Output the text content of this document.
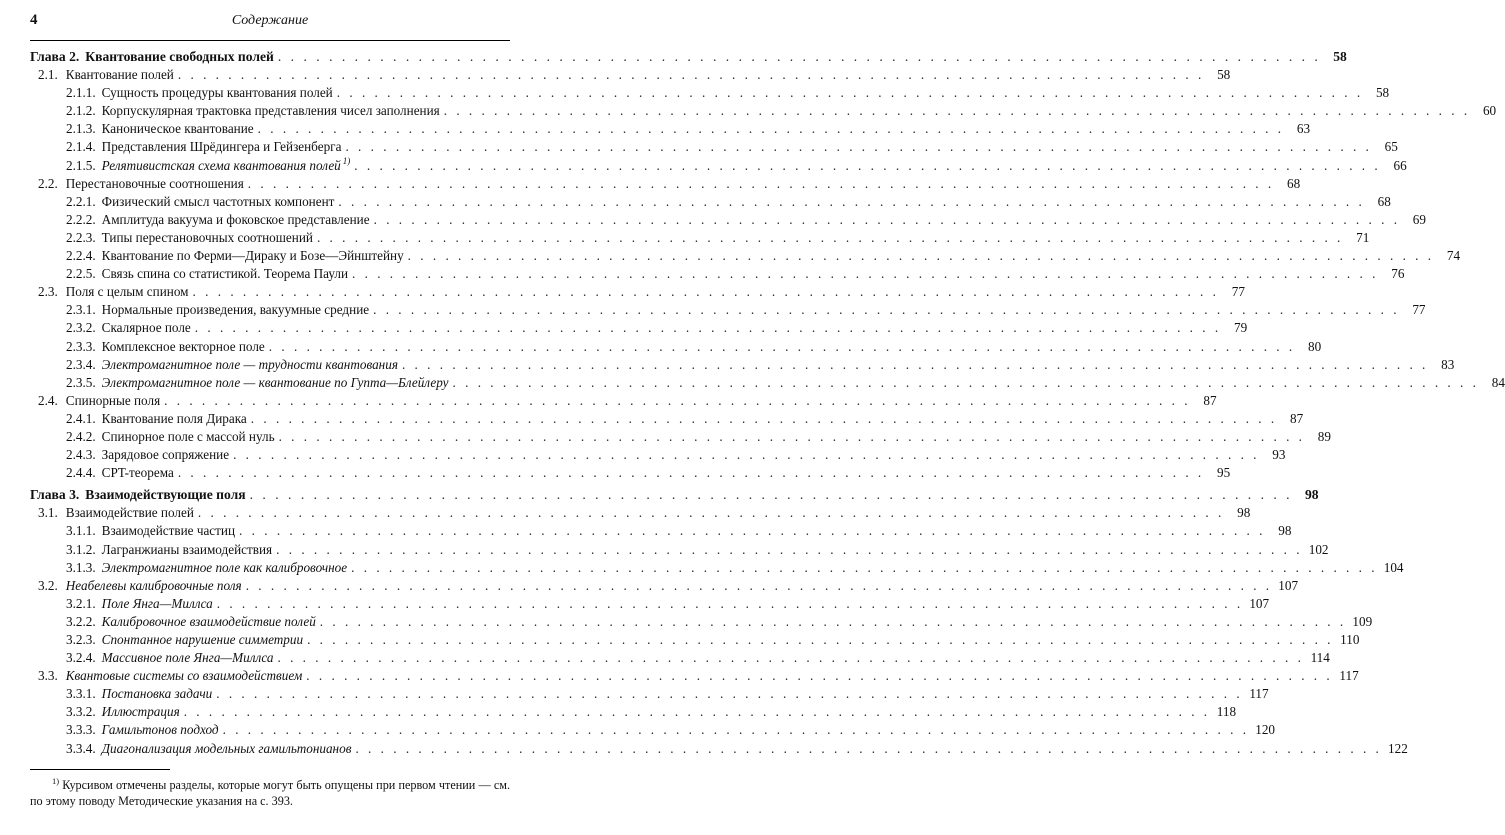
4	Содержание
Глава 2. Квантование свободных полей . . .	58
2.1. Квантование полей . . .	58
2.1.1. Сущность процедуры квантования полей . . .	58
2.1.2. Корпускулярная трактовка представления чисел заполнения . . .	60
2.1.3. Каноническое квантование . . .	63
2.1.4. Представления Шрёдингера и Гейзенберга . . .	65
2.1.5. Релятивистская схема квантования полей $^{1)}$ . . .	66
2.2. Перестановочные соотношения . . .	68
2.2.1. Физический смысл частотных компонент . . .	68
2.2.2. Амплитуда вакуума и фоковское представление . . .	69
2.2.3. Типы перестановочных соотношений . . .	71
2.2.4. Квантование по Ферми—Дираку и Бозе—Эйнштейну . . .	74
2.2.5. Связь спина со статистикой. Теорема Паули . . .	76
2.3. Поля с целым спином . . .	77
2.3.1. Нормальные произведения, вакуумные средние . . .	77
2.3.2. Скалярное поле . . .	79
2.3.3. Комплексное векторное поле . . .	80
2.3.4. Электромагнитное поле — трудности квантования . . .	83
2.3.5. Электромагнитное поле — квантование по Гупта—Блейлеру . . .	84
2.4. Спинорные поля . . .	87
2.4.1. Квантование поля Дирака . . .	87
2.4.2. Спинорное поле с массой нуль . . .	89
2.4.3. Зарядовое сопряжение . . .	93
2.4.4. CPT-теорема . . .	95
Глава 3. Взаимодействующие поля . . .	98
3.1. Взаимодействие полей . . .	98
3.1.1. Взаимодействие частиц . . .	98
3.1.2. Лагранжианы взаимодействия . . .	102
3.1.3. Электромагнитное поле как калибровочное . . .	104
3.2. Неабелевы калибровочные поля . . .	107
3.2.1. Поле Янга—Миллса . . .	107
3.2.2. Калибровочное взаимодействие полей . . .	109
3.2.3. Спонтанное нарушение симметрии . . .	110
3.2.4. Массивное поле Янга—Миллса . . .	114
3.3. Квантовые системы со взаимодействием . . .	117
3.3.1. Постановка задачи . . .	117
3.3.2. Иллюстрация . . .	118
3.3.3. Гамильтонов подход . . .	120
3.3.4. Диагонализация модельных гамильтонианов . . .	122
$^{1)}$ Курсивом отмечены разделы, которые могут быть опущены при первом чтении — см. по этому поводу Методические указания на с. 393.
